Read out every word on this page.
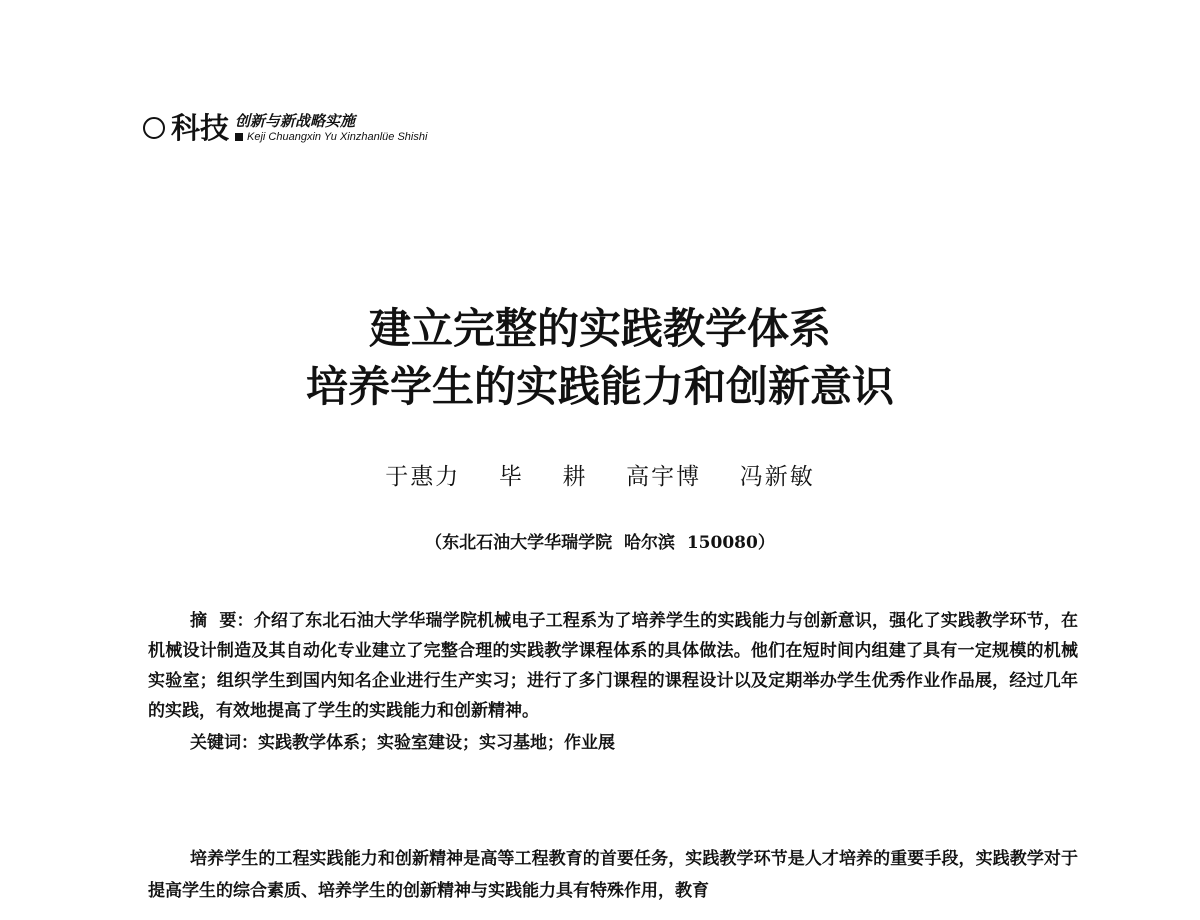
科技 创新与新战略实施
Keji Chuangxin Yu Xinzhanlüe Shishi
建立完整的实践教学体系
培养学生的实践能力和创新意识
于惠力  毕  耕  高宇博  冯新敏
（东北石油大学华瑞学院  哈尔滨  150080）
摘  要：介绍了东北石油大学华瑞学院机械电子工程系为了培养学生的实践能力与创新意识，强化了实践教学环节，在机械设计制造及其自动化专业建立了完整合理的实践教学课程体系的具体做法。他们在短时间内组建了具有一定规模的机械实验室；组织学生到国内知名企业进行生产实习；进行了多门课程的课程设计以及定期举办学生优秀作业作品展，经过几年的实践，有效地提高了学生的实践能力和创新精神。
关键词：实践教学体系；实验室建设；实习基地；作业展
培养学生的工程实践能力和创新精神是高等工程教育的首要任务，实践教学环节是人才培养的重要手段，实践教学对于提高学生的综合素质、培养学生的创新精神与实践能力具有特殊作用，教育
